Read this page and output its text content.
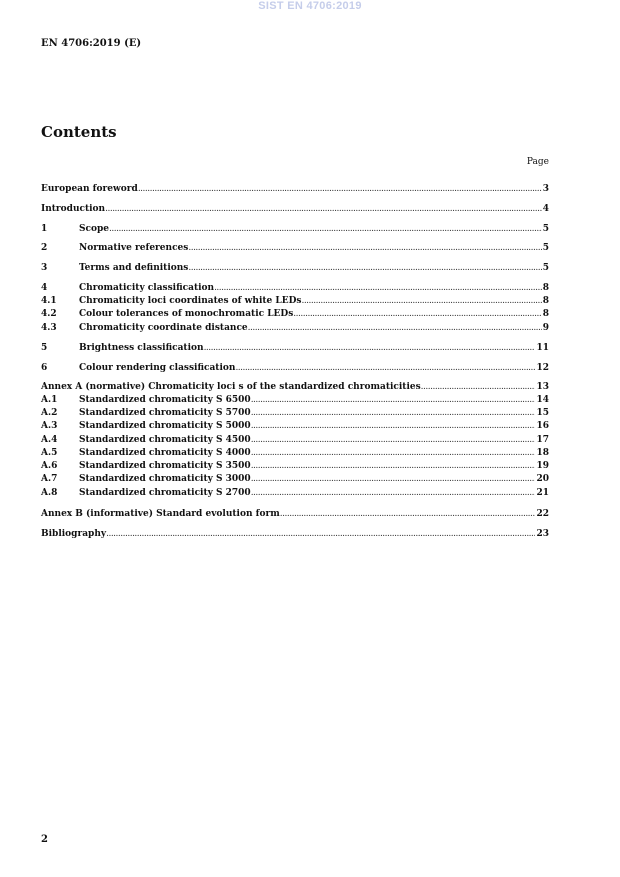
SIST EN 4706:2019
EN 4706:2019 (E)
Contents
Page
European foreword .....	3
Introduction .....	4
1	Scope .....	5
2	Normative references .....	5
3	Terms and definitions .....	5
4	Chromaticity classification .....	8
4.1	Chromaticity loci coordinates of white LEDs .....	8
4.2	Colour tolerances of monochromatic LEDs .....	8
4.3	Chromaticity coordinate distance .....	9
5	Brightness classification .....	11
6	Colour rendering classification .....	12
Annex A (normative) Chromaticity loci s of the standardized chromaticities .....	13
A.1	Standardized chromaticity S 6500 .....	14
A.2	Standardized chromaticity S 5700 .....	15
A.3	Standardized chromaticity S 5000 .....	16
A.4	Standardized chromaticity S 4500 .....	17
A.5	Standardized chromaticity S 4000 .....	18
A.6	Standardized chromaticity S 3500 .....	19
A.7	Standardized chromaticity S 3000 .....	20
A.8	Standardized chromaticity S 2700 .....	21
Annex B (informative) Standard evolution form .....	22
Bibliography .....	23
2
